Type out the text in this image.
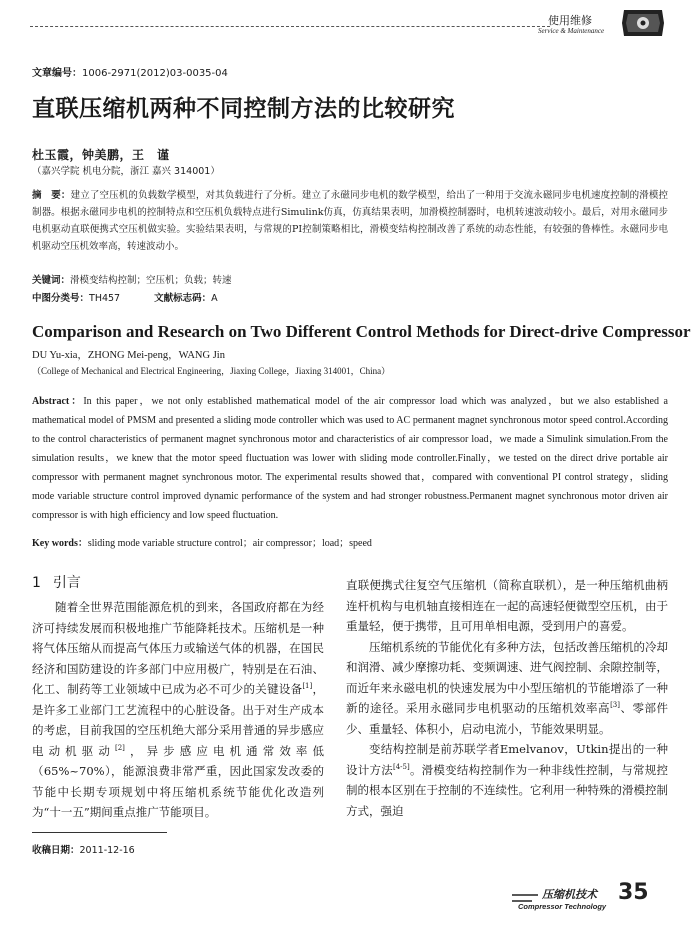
使用维修
Service & Maintenance
文章编号：1006-2971(2012)03-0035-04
直联压缩机两种不同控制方法的比较研究
杜玉霞，钟美鹏，王　谨
（嘉兴学院 机电分院，浙江 嘉兴 314001）
摘　要：建立了空压机的负载数学模型，对其负载进行了分析。建立了永磁同步电机的数学模型，给出了一种用于交流永磁同步电机速度控制的滑模控制器。根据永磁同步电机的控制特点和空压机负载特点进行Simulink仿真，仿真结果表明，加滑模控制器时，电机转速波动较小。最后，对用永磁同步电机驱动直联便携式空压机做实验。实验结果表明，与常规的PI控制策略相比，滑模变结构控制改善了系统的动态性能，有较强的鲁棒性。永磁同步电机驱动空压机效率高，转速波动小。
关键词：滑模变结构控制；空压机；负载；转速
中图分类号：TH457	文献标志码：A
Comparison and Research on Two Different Control Methods for Direct-drive Compressor
DU Yu-xia，ZHONG Mei-peng，WANG Jin
（College of Mechanical and Electrical Engineering，Jiaxing College，Jiaxing 314001，China）
Abstract：In this paper，we not only established mathematical model of the air compressor load which was analyzed，but we also established a mathematical model of PMSM and presented a sliding mode controller which was used to AC permanent magnet synchronous motor speed control.According to the control characteristics of permanent magnet synchronous motor and characteristics of air compressor load，we made a Simulink simulation.From the simulation results，we knew that the motor speed fluctuation was lower with sliding mode controller.Finally，we tested on the direct drive portable air compressor with permanent magnet synchronous motor. The experimental results showed that，compared with conventional PI control strategy，sliding mode variable structure control improved dynamic performance of the system and had stronger robustness.Permanent magnet synchronous motor driven air compressor is with high efficiency and low speed fluctuation.
Key words：sliding mode variable structure control；air compressor；load；speed
1 引言

随着全世界范围能源危机的到来，各国政府都在为经济可持续发展而积极地推广节能降耗技术。压缩机是一种将气体压缩从而提高气体压力或输送气体的机器，在国民经济和国防建设的许多部门中应用极广，特别是在石油、化工、制药等工业领域中已成为必不可少的关键设备[1]，是许多工业部门工艺流程中的心脏设备。出于对生产成本的考虑，目前我国的空压机绝大部分采用普通的异步感应电动机驱动[2]，异步感应电机通常效率低（65%~70%），能源浪费非常严重，因此国家发改委的节能中长期专项规划中将压缩机系统节能优化改造列为“十一五”期间重点推广节能项目。

直联便携式往复空气压缩机（简称直联机），是一种压缩机曲柄连杆机构与电机轴直接相连在一起的高速轻便微型空压机，由于重量轻，便于携带，且可用单相电源，受到用户的喜爱。

压缩机系统的节能优化有多种方法，包括改善压缩机的冷却和润滑、减少摩擦功耗、变频调速、进气阀控制、余隙控制等，而近年来永磁电机的快速发展为中小型压缩机的节能增添了一种新的途径。采用永磁同步电机驱动的压缩机效率高[3]、零部件少、重量轻、体积小，启动电流小，节能效果明显。

变结构控制是前苏联学者Emelvanov，Utkin提出的一种设计方法[4-5]。滑模变结构控制作为一种非线性控制，与常规控制的根本区别在于控制的不连续性。它利用一种特殊的滑模控制方式，强迫

收稿日期：2011-12-16
压缩机技术
Compressor Technology
35
